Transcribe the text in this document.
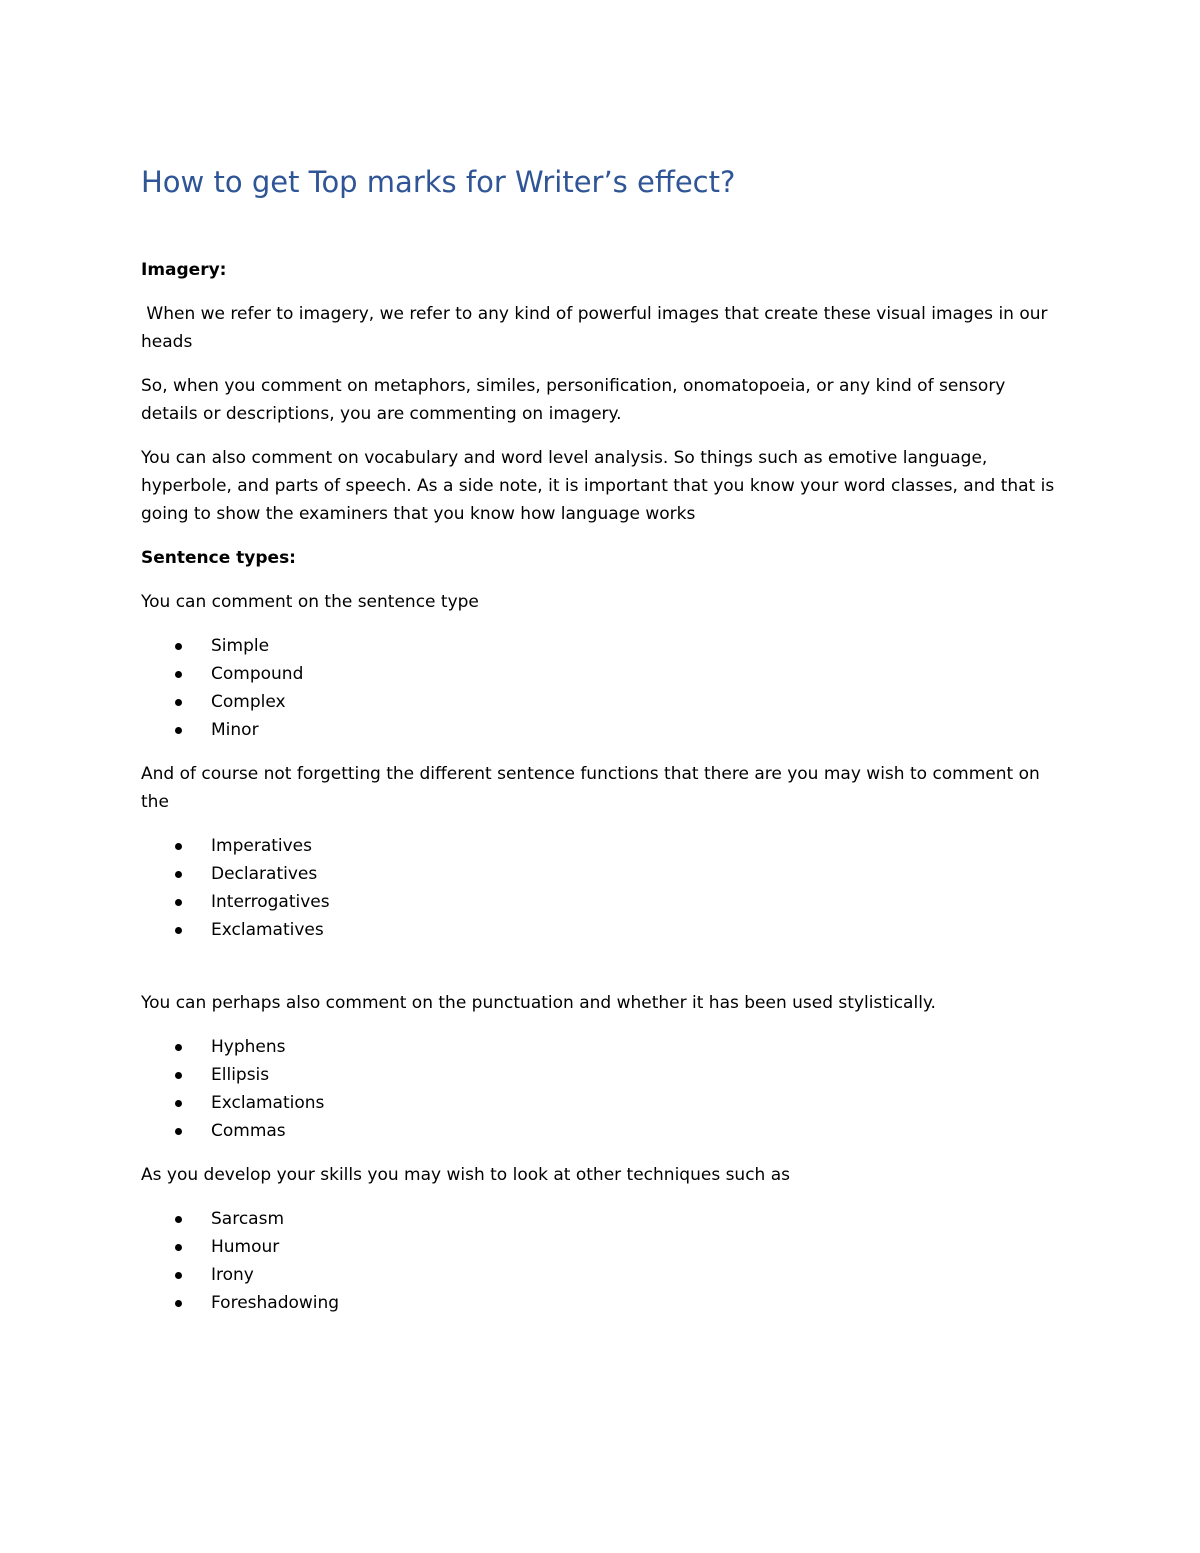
How to get Top marks for Writer’s effect?
Imagery:

When we refer to imagery, we refer to any kind of powerful images that create these visual images in our heads

So, when you comment on metaphors, similes, personification, onomatopoeia, or any kind of sensory details or descriptions, you are commenting on imagery.

You can also comment on vocabulary and word level analysis. So things such as emotive language, hyperbole, and parts of speech. As a side note, it is important that you know your word classes, and that is going to show the examiners that you know how language works

Sentence types:

You can comment on the sentence type

Simple
Compound
Complex
Minor

And of course not forgetting the different sentence functions that there are you may wish to comment on the

Imperatives
Declaratives
Interrogatives
Exclamatives

You can perhaps also comment on the punctuation and whether it has been used stylistically.

Hyphens
Ellipsis
Exclamations
Commas

As you develop your skills you may wish to look at other techniques such as

Sarcasm
Humour
Irony
Foreshadowing
